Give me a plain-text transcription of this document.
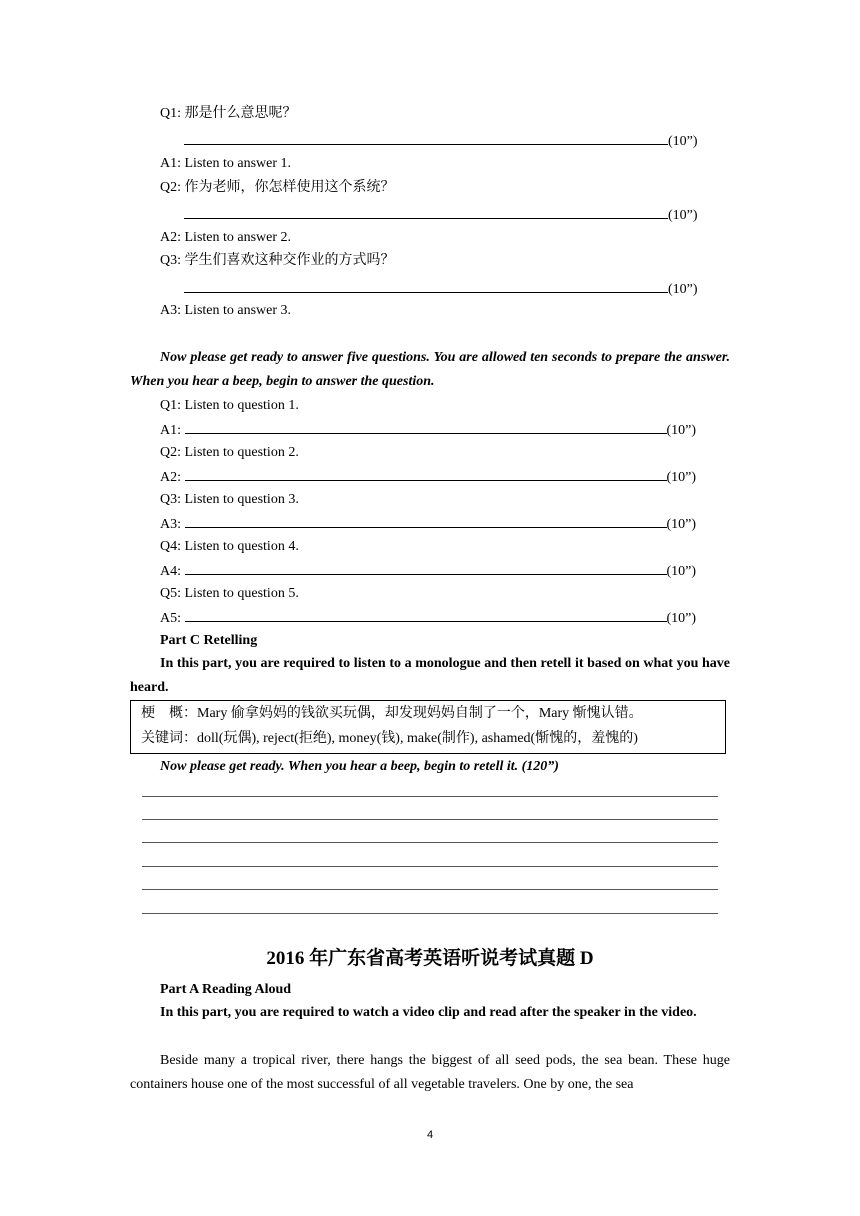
Q1: 那是什么意思呢？
(10”)
A1: Listen to answer 1.
Q2: 作为老师，你怎样使用这个系统？
(10”)
A2: Listen to answer 2.
Q3: 学生们喜欢这种交作业的方式吗？
(10”)
A3: Listen to answer 3.
Now please get ready to answer five questions. You are allowed ten seconds to prepare the answer. When you hear a beep, begin to answer the question.
Q1: Listen to question 1.
A1:	(10”)
Q2: Listen to question 2.
A2:	(10”)
Q3: Listen to question 3.
A3:	(10”)
Q4: Listen to question 4.
A4:	(10”)
Q5: Listen to question 5.
A5:	(10”)
Part C Retelling
In this part, you are required to listen to a monologue and then retell it based on what you have heard.
梗　概：Mary 偷拿妈妈的钱欲买玩偶，却发现妈妈自制了一个，Mary 惭愧认错。
关键词：doll(玩偶), reject(拒绝), money(钱), make(制作), ashamed(惭愧的，羞愧的)
Now please get ready. When you hear a beep, begin to retell it. (120”)
2016 年广东省高考英语听说考试真题 D
Part A Reading Aloud
In this part, you are required to watch a video clip and read after the speaker in the video.
Beside many a tropical river, there hangs the biggest of all seed pods, the sea bean. These huge containers house one of the most successful of all vegetable travelers. One by one, the sea
4
